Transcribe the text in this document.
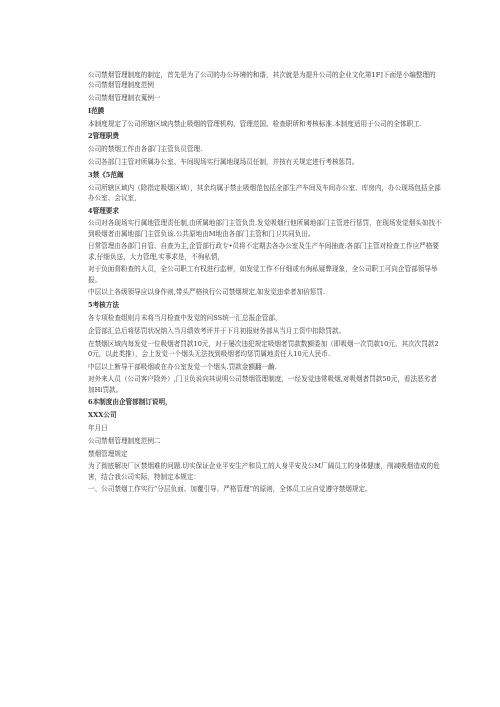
公司禁烟管理制度的制定，首先是为了公司的办公环境的和谐，其次就是为提升公司的企业文化第1F]下面是小编整理的公司禁烟管理制度范例

公司禁烟管理制衣蒐例一

I范膜

本制度规定了公司所辖区域内禁止吸烟的管理机构、管理范国、检查职所和考核标准.本制度适用于公司的全体职工.

2管理职费

公司的禁烟工作由各部门主管负员管理.

公司各部门主管对所属办公室、车间现场实行属地现场员任制，并按有关规定进行考核惩罚。

3禁《5范阚

公司所辖区域内（除指定吸烟区域），其余均属于禁止吸烟范包括全部生产车间及车间办公室、库房内，办公现场包括全部办公室、会议室，

4管理要求

公司对各现场实行属地管理责任制,由所属地部门主管负贵.发觉吸烟行他所属地部门主管进行惩罚，在现场发觉烟头如找不到吸烟者由属地部门主管负该.公共原地由M地由各部门主管和门卫共同负田。

日常管理由各部门自管、自查为主,企管部行政专•员将不定期去各办公室及生产车间抽查.各部门主管对检查工作应严格要求,仔细负送，大力管理,实事求是，不徇私情，

对于负面督粉查的人员，全公司职工有权进行监秤，如发觉工作不仔细或有徇私疑弊现象，全公司职工可向企管部领导举报。

中层以上各级领导应以身作则,带头严格执行公司禁烟规定,如发觉违牵者加倍惩罚.

5考核方法

各专项检查组则月末将当月检查中发觉的问SS统一汇总报企管部，

企管部汇总后将惩罚状况纳入当月绩效考评并于下月初报财务部从当月工资中扣除罚款。

在禁烟区域内每发觉一位吸烟者罚款10元，对于屡次违犯规定吸烟者罚款数额委加（即吸烟一次罚款10元、其次次罚款20元，以此类推），会上发觉一个烟头无法找到吸烟者均惩罚属地责任人10元人民币.

中层以上断导干部吸烟或在办公室发觉一个烟头.罚款金额翻一齣.

对外来人员（公司客户除外）,门卫负说向其说明公司禁烟管理制度，一经发觉违常吸烟,对吸烟者罚款50元，看法恶劣者加Hi罚款。

6本制度由企管部制订说明，

XXX公司

年月日

公司禁烟管理制度范例二

禁烟管理规定

为了彻底解决厂区禁烟难的问题.切实保证企业平安生产和员工的人身平安及公M厂阔员工的身体健康，削减吸烟造成的危害，结合我公司实际，特制定本规定：

一、公司禁烟工作实行“分层负面、加覆引导、严格管理”的原则，全体员工应自觉遵守禁烟规定。
